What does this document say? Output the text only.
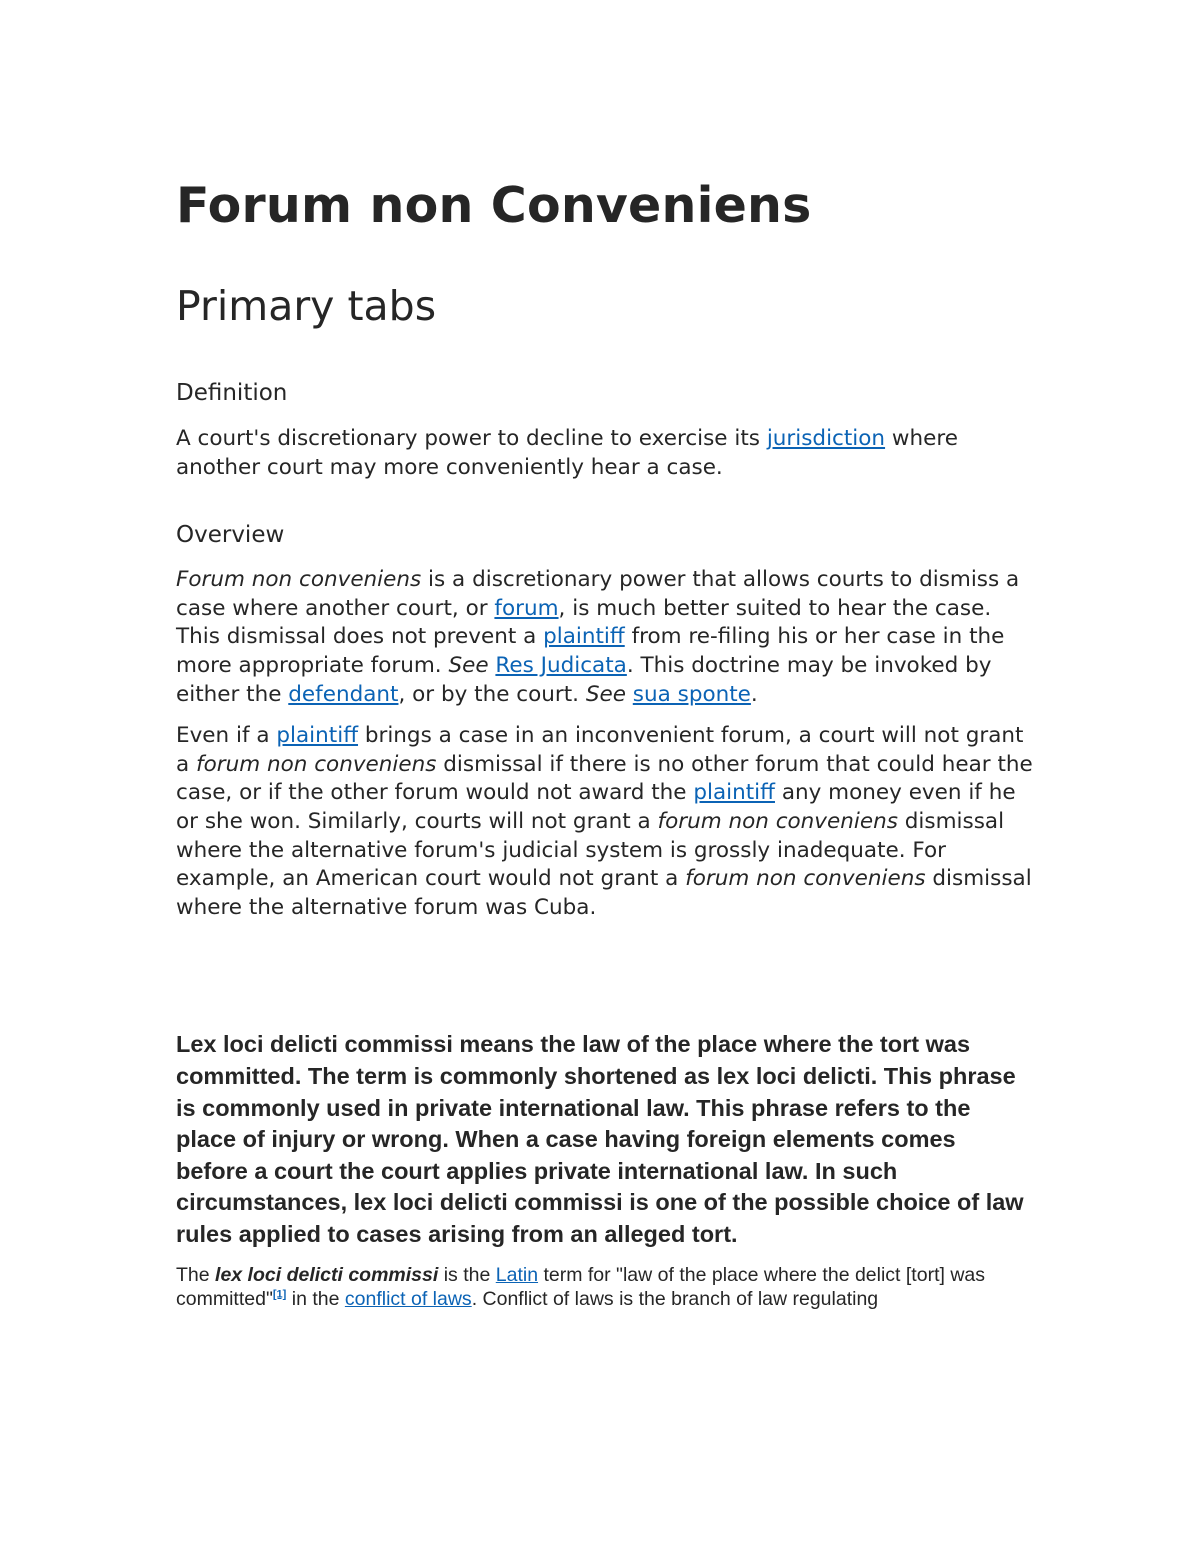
Forum non Conveniens
Primary tabs
Definition

A court's discretionary power to decline to exercise its jurisdiction where another court may more conveniently hear a case.

Overview

Forum non conveniens is a discretionary power that allows courts to dismiss a case where another court, or forum, is much better suited to hear the case. This dismissal does not prevent a plaintiff from re-filing his or her case in the more appropriate forum. See Res Judicata. This doctrine may be invoked by either the defendant, or by the court. See sua sponte.

Even if a plaintiff brings a case in an inconvenient forum, a court will not grant a forum non conveniens dismissal if there is no other forum that could hear the case, or if the other forum would not award the plaintiff any money even if he or she won. Similarly, courts will not grant a forum non conveniens dismissal where the alternative forum's judicial system is grossly inadequate. For example, an American court would not grant a forum non conveniens dismissal where the alternative forum was Cuba.

Lex loci delicti commissi means the law of the place where the tort was committed. The term is commonly shortened as lex loci delicti. This phrase is commonly used in private international law. This phrase refers to the place of injury or wrong. When a case having foreign elements comes before a court the court applies private international law. In such circumstances, lex loci delicti commissi is one of the possible choice of law rules applied to cases arising from an alleged tort.

The lex loci delicti commissi is the Latin term for "law of the place where the delict [tort] was committed"[1] in the conflict of laws. Conflict of laws is the branch of law regulating
